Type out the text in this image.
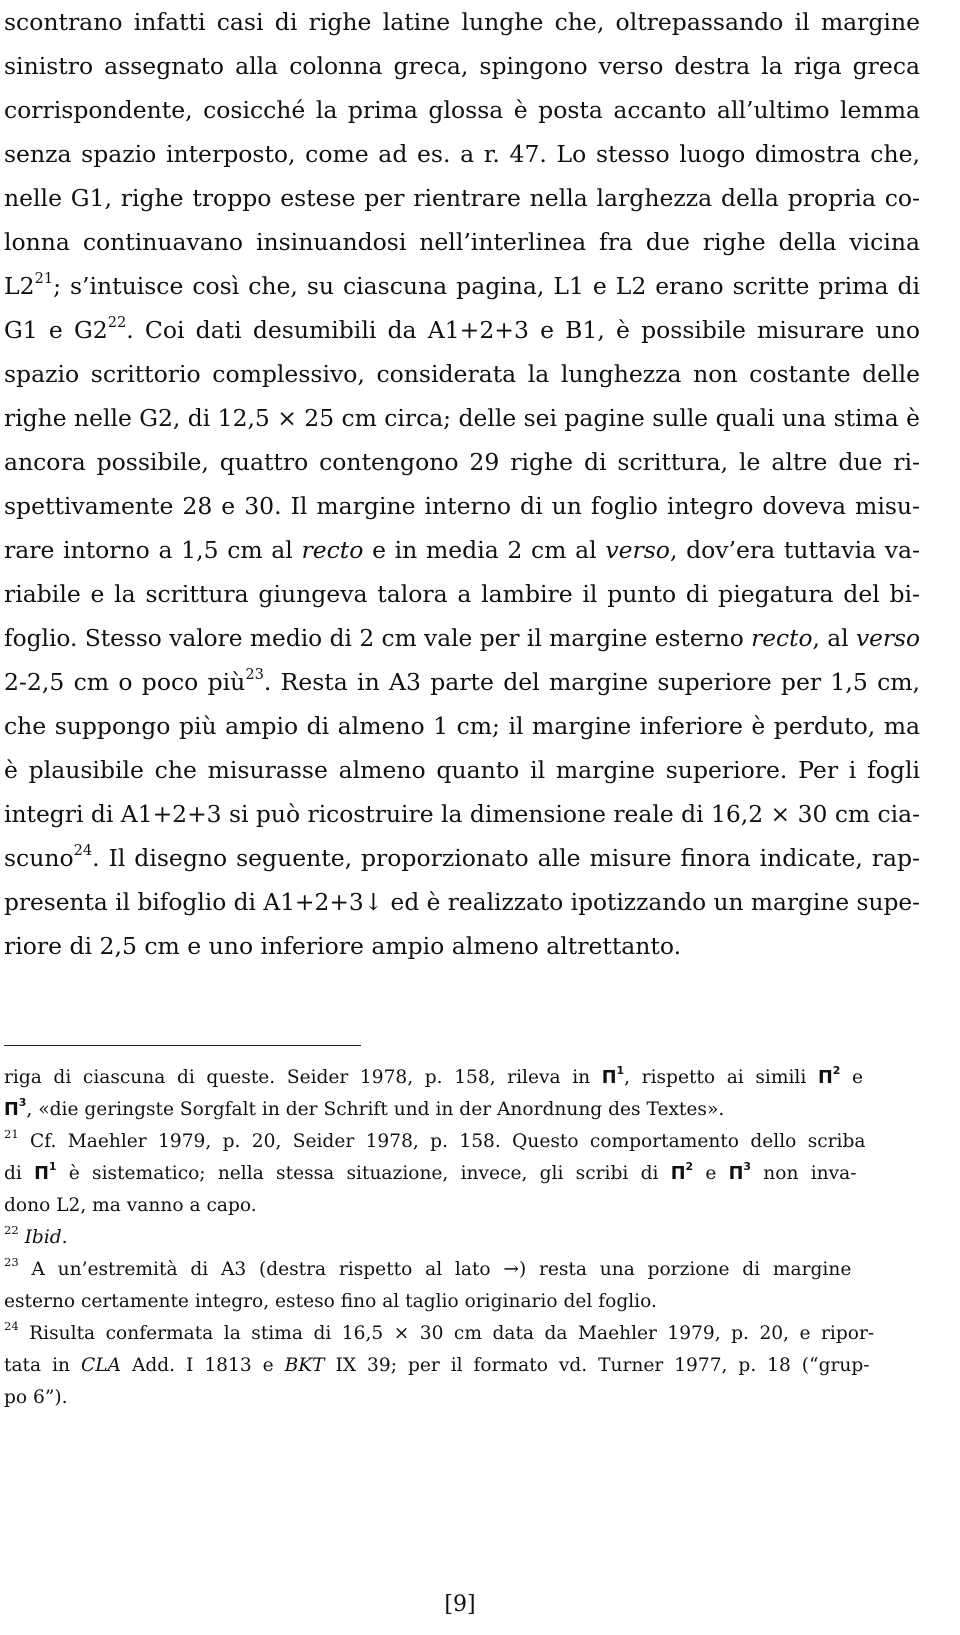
scontrano infatti casi di righe latine lunghe che, oltrepassando il margine
sinistro assegnato alla colonna greca, spingono verso destra la riga greca
corrispondente, cosicché la prima glossa è posta accanto all’ultimo lemma
senza spazio interposto, come ad es. a r. 47. Lo stesso luogo dimostra che,
nelle G1, righe troppo estese per rientrare nella larghezza della propria co-
lonna continuavano insinuandosi nell’interlinea fra due righe della vicina
$L2^{21}$; s’intuisce così che, su ciascuna pagina, L1 e L2 erano scritte prima di
G1 e $G2^{22}$. Coi dati desumibili da A1+2+3 e B1, è possibile misurare uno
spazio scrittorio complessivo, considerata la lunghezza non costante delle
righe nelle G2, di 12,5 × 25 cm circa; delle sei pagine sulle quali una stima è
ancora possibile, quattro contengono 29 righe di scrittura, le altre due ri-
spettivamente 28 e 30. Il margine interno di un foglio integro doveva misu-
rare intorno a 1,5 cm al recto e in media 2 cm al verso, dov’era tuttavia va-
riabile e la scrittura giungeva talora a lambire il punto di piegatura del bi-
foglio. Stesso valore medio di 2 cm vale per il margine esterno recto, al verso
2-2,5 cm o poco più$^{23}$. Resta in A3 parte del margine superiore per 1,5 cm,
che suppongo più ampio di almeno 1 cm; il margine inferiore è perduto, ma
è plausibile che misurasse almeno quanto il margine superiore. Per i fogli
integri di A1+2+3 si può ricostruire la dimensione reale di 16,2 × 30 cm cia-
scuno$^{24}$. Il disegno seguente, proporzionato alle misure finora indicate, rap-
presenta il bifoglio di A1+2+3↓ ed è realizzato ipotizzando un margine supe-
riore di 2,5 cm e uno inferiore ampio almeno altrettanto.
riga di ciascuna di queste. Seider 1978, p. 158, rileva in $\Pi^1$, rispetto ai simili $\Pi^2$ e
$\Pi^3$, «die geringste Sorgfalt in der Schrift und in der Anordnung des Textes».
$^{21}$ Cf. Maehler 1979, p. 20, Seider 1978, p. 158. Questo comportamento dello scriba
di $\Pi^1$ è sistematico; nella stessa situazione, invece, gli scribi di $\Pi^2$ e $\Pi^3$ non inva-
dono L2, ma vanno a capo.
$^{22}$ Ibid.
$^{23}$ A un’estremità di A3 (destra rispetto al lato →) resta una porzione di margine
esterno certamente integro, esteso fino al taglio originario del foglio.
$^{24}$ Risulta confermata la stima di 16,5 × 30 cm data da Maehler 1979, p. 20, e ripor-
tata in CLA Add. I 1813 e BKT IX 39; per il formato vd. Turner 1977, p. 18 (“grup-
po 6”).
[9]
